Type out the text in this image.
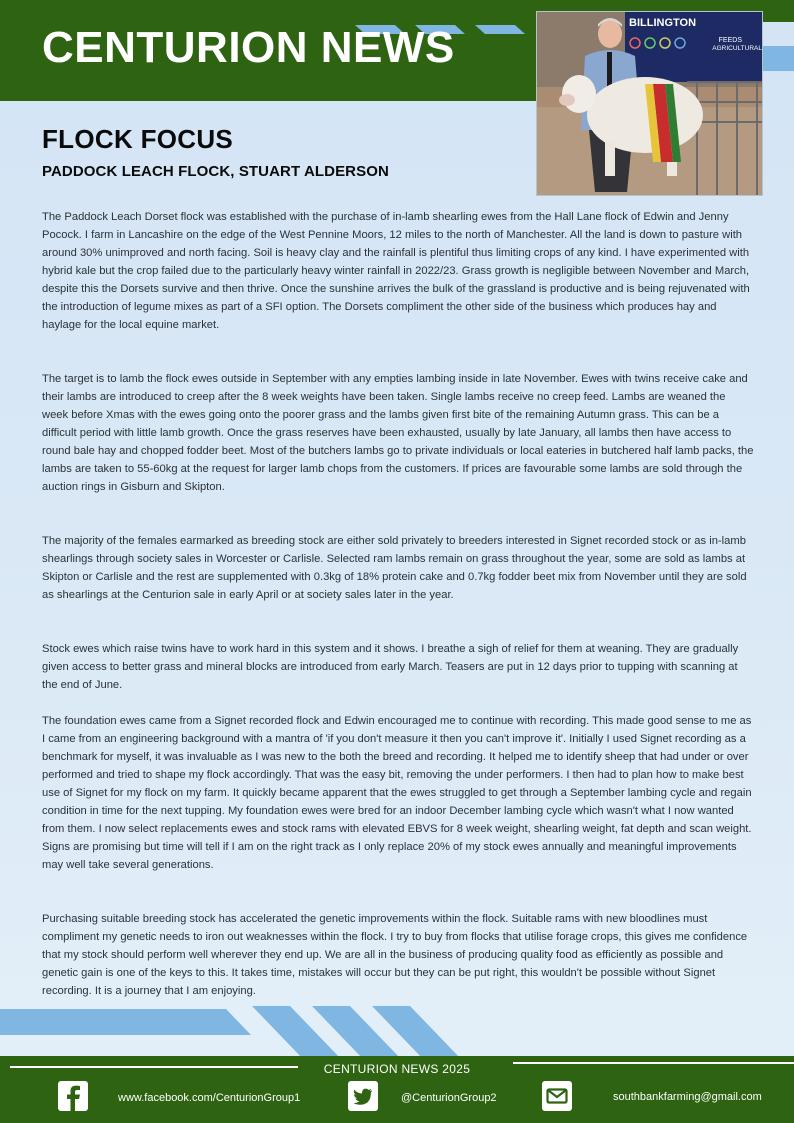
CENTURION NEWS	BILLINGTON
FEEDS
AGRICULTURAL
FLOCK FOCUS
PADDOCK LEACH FLOCK, STUART ALDERSON

The Paddock Leach Dorset flock was established with the purchase of in-lamb shearling ewes from the Hall Lane flock of Edwin and Jenny Pocock. I farm in Lancashire on the edge of the West Pennine Moors, 12 miles to the north of Manchester. All the land is down to pasture with around 30% unimproved and north facing. Soil is heavy clay and the rainfall is plentiful thus limiting crops of any kind. I have experimented with hybrid kale but the crop failed due to the particularly heavy winter rainfall in 2022/23. Grass growth is negligible between November and March, despite this the Dorsets survive and then thrive. Once the sunshine arrives the bulk of the grassland is productive and is being rejuvenated with the introduction of legume mixes as part of a SFI option. The Dorsets compliment the other side of the business which produces hay and haylage for the local equine market.

The target is to lamb the flock ewes outside in September with any empties lambing inside in late November. Ewes with twins receive cake and their lambs are introduced to creep after the 8 week weights have been taken. Single lambs receive no creep feed. Lambs are weaned the week before Xmas with the ewes going onto the poorer grass and the lambs given first bite of the remaining Autumn grass. This can be a difficult period with little lamb growth. Once the grass reserves have been exhausted, usually by late January, all lambs then have access to round bale hay and chopped fodder beet. Most of the butchers lambs go to private individuals or local eateries in butchered half lamb packs, the lambs are taken to 55-60kg at the request for larger lamb chops from the customers. If prices are favourable some lambs are sold through the auction rings in Gisburn and Skipton.

The majority of the females earmarked as breeding stock are either sold privately to breeders interested in Signet recorded stock or as in-lamb shearlings through society sales in Worcester or Carlisle. Selected ram lambs remain on grass throughout the year, some are sold as lambs at Skipton or Carlisle and the rest are supplemented with 0.3kg of 18% protein cake and 0.7kg fodder beet mix from November until they are sold as shearlings at the Centurion sale in early April or at society sales later in the year.

Stock ewes which raise twins have to work hard in this system and it shows. I breathe a sigh of relief for them at weaning. They are gradually given access to better grass and mineral blocks are introduced from early March. Teasers are put in 12 days prior to tupping with scanning at the end of June.

The foundation ewes came from a Signet recorded flock and Edwin encouraged me to continue with recording. This made good sense to me as I came from an engineering background with a mantra of 'if you don't measure it then you can't improve it'. Initially I used Signet recording as a benchmark for myself, it was invaluable as I was new to the both the breed and recording. It helped me to identify sheep that had under or over performed and tried to shape my flock accordingly. That was the easy bit, removing the under performers. I then had to plan how to make best use of Signet for my flock on my farm. It quickly became apparent that the ewes struggled to get through a September lambing cycle and regain condition in time for the next tupping. My foundation ewes were bred for an indoor December lambing cycle which wasn't what I now wanted from them. I now select replacements ewes and stock rams with elevated EBVS for 8 week weight, shearling weight, fat depth and scan weight. Signs are promising but time will tell if I am on the right track as I only replace 20% of my stock ewes annually and meaningful improvements may well take several generations.

Purchasing suitable breeding stock has accelerated the genetic improvements within the flock. Suitable rams with new bloodlines must compliment my genetic needs to iron out weaknesses within the flock. I try to buy from flocks that utilise forage crops, this gives me confidence that my stock should perform well wherever they end up. We are all in the business of producing quality food as efficiently as possible and genetic gain is one of the keys to this. It takes time, mistakes will occur but they can be put right, this wouldn't be possible without Signet recording. It is a journey that I am enjoying.

CENTURION NEWS 2025
www.facebook.com/CenturionGroup1	@CenturionGroup2	southbankfarming@gmail.com
